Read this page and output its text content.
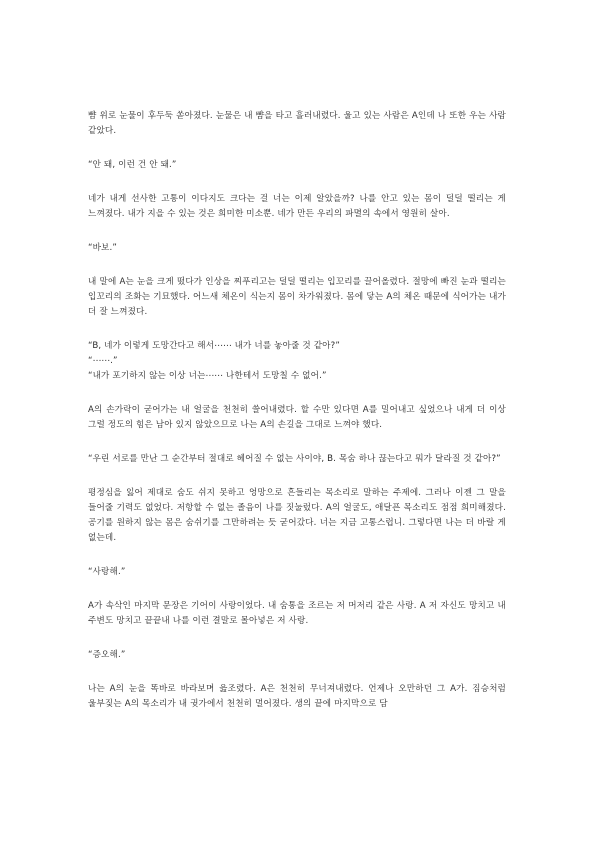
뺨 위로 눈물이 후두둑 쏟아졌다. 눈물은 내 뺨을 타고 흘러내렸다. 울고 있는 사람은 A인데 나 또한 우는 사람 같았다.

“안 돼, 이런 건 안 돼.”

네가 내게 선사한 고통이 이다지도 크다는 걸 너는 이제 알았을까? 나를 안고 있는 몸이 덜덜 떨리는 게 느껴졌다. 내가 지을 수 있는 것은 희미한 미소뿐. 네가 만든 우리의 파멸의 속에서 영원히 살아.

“바보.”

내 말에 A는 눈을 크게 떴다가 인상을 찌푸리고는 덜덜 떨리는 입꼬리를 끌어올렸다. 절망에 빠진 눈과 떨리는 입꼬리의 조화는 기묘했다. 어느새 체온이 식는지 몸이 차가워졌다. 몸에 닿는 A의 체온 때문에 식어가는 내가 더 잘 느껴졌다.

“B, 네가 이렇게 도망간다고 해서⋯⋯ 내가 너를 놓아줄 것 같아?”

“⋯⋯.”

“내가 포기하지 않는 이상 너는⋯⋯ 나한테서 도망칠 수 없어.”

A의 손가락이 굳어가는 내 얼굴을 천천히 쓸어내렸다. 할 수만 있다면 A를 밀어내고 싶었으나 내게 더 이상 그럴 정도의 힘은 남아 있지 않았으므로 나는 A의 손길을 그대로 느껴야 했다.

“우린 서로를 만난 그 순간부터 절대로 헤어질 수 없는 사이야, B. 목숨 하나 끊는다고 뭐가 달라질 것 같아?”

평정심을 잃어 제대로 숨도 쉬지 못하고 엉망으로 흔들리는 목소리로 말하는 주제에. 그러나 이젠 그 말을 들어줄 기력도 없었다. 저항할 수 없는 졸음이 나를 짓눌렀다. A의 얼굴도, 애달픈 목소리도 점점 희미해졌다. 공기를 원하지 않는 몸은 숨쉬기를 그만하려는 듯 굳어갔다. 너는 지금 고통스럽니. 그렇다면 나는 더 바랄 게 없는데.

“사랑해.”

A가 속삭인 마지막 문장은 기어이 사랑이었다. 내 숨통을 조르는 저 머저리 같은 사랑. A 저 자신도 망치고 내 주변도 망치고 끝끝내 나를 이런 결말로 몰아넣은 저 사랑.

“증오해.”

나는 A의 눈을 똑바로 바라보며 읊조렸다. A은 천천히 무너져내렸다. 언제나 오만하던 그 A가. 짐승처럼 울부짖는 A의 목소리가 내 귓가에서 천천히 멀어졌다. 생의 끝에 마지막으로 담
